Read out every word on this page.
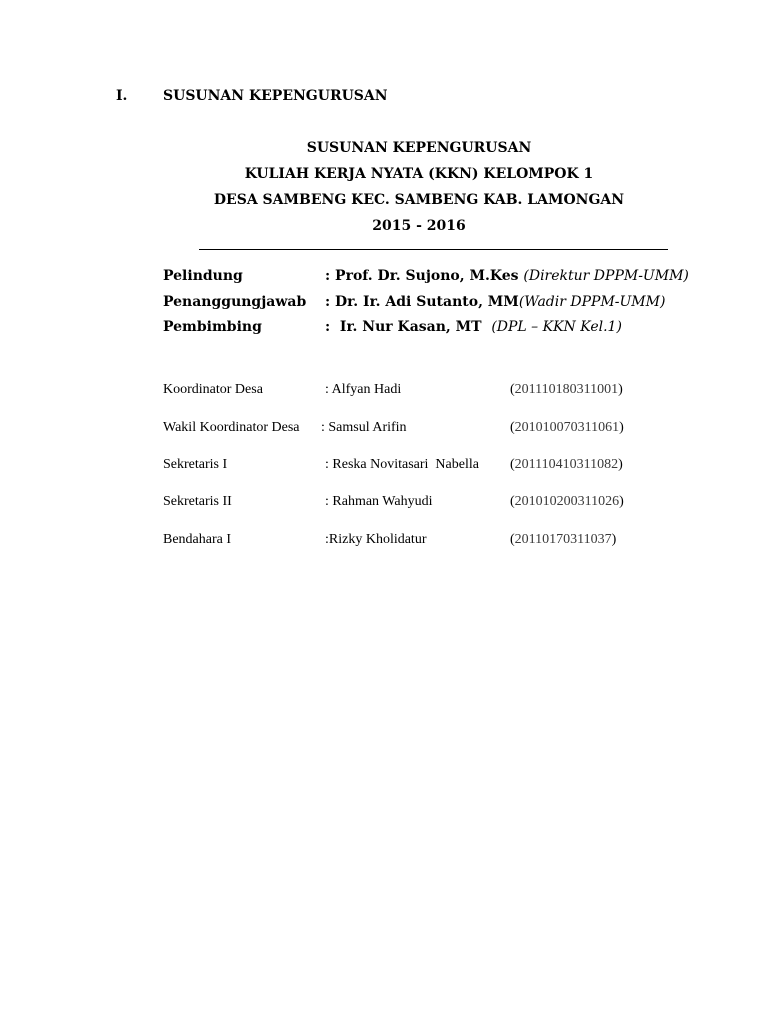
I.	SUSUNAN KEPENGURUSAN
SUSUNAN KEPENGURUSAN
KULIAH KERJA NYATA (KKN) KELOMPOK 1
DESA SAMBENG KEC. SAMBENG KAB. LAMONGAN
2015 - 2016
Pelindung	: Prof. Dr. Sujono, M.Kes (Direktur DPPM-UMM)
Penanggungjawab : Dr. Ir. Adi Sutanto, MM(Wadir DPPM-UMM)
Pembimbing	:  Ir. Nur Kasan, MT  (DPL – KKN Kel.1)
Koordinator Desa	: Alfyan Hadi	(201110180311001)
Wakil Koordinator Desa : Samsul Arifin	(201010070311061)
Sekretaris I	: Reska Novitasari  Nabella (201110410311082)
Sekretaris II	: Rahman Wahyudi	(201010200311026)
Bendahara I	:Rizky Kholidatur	(20110170311037)
